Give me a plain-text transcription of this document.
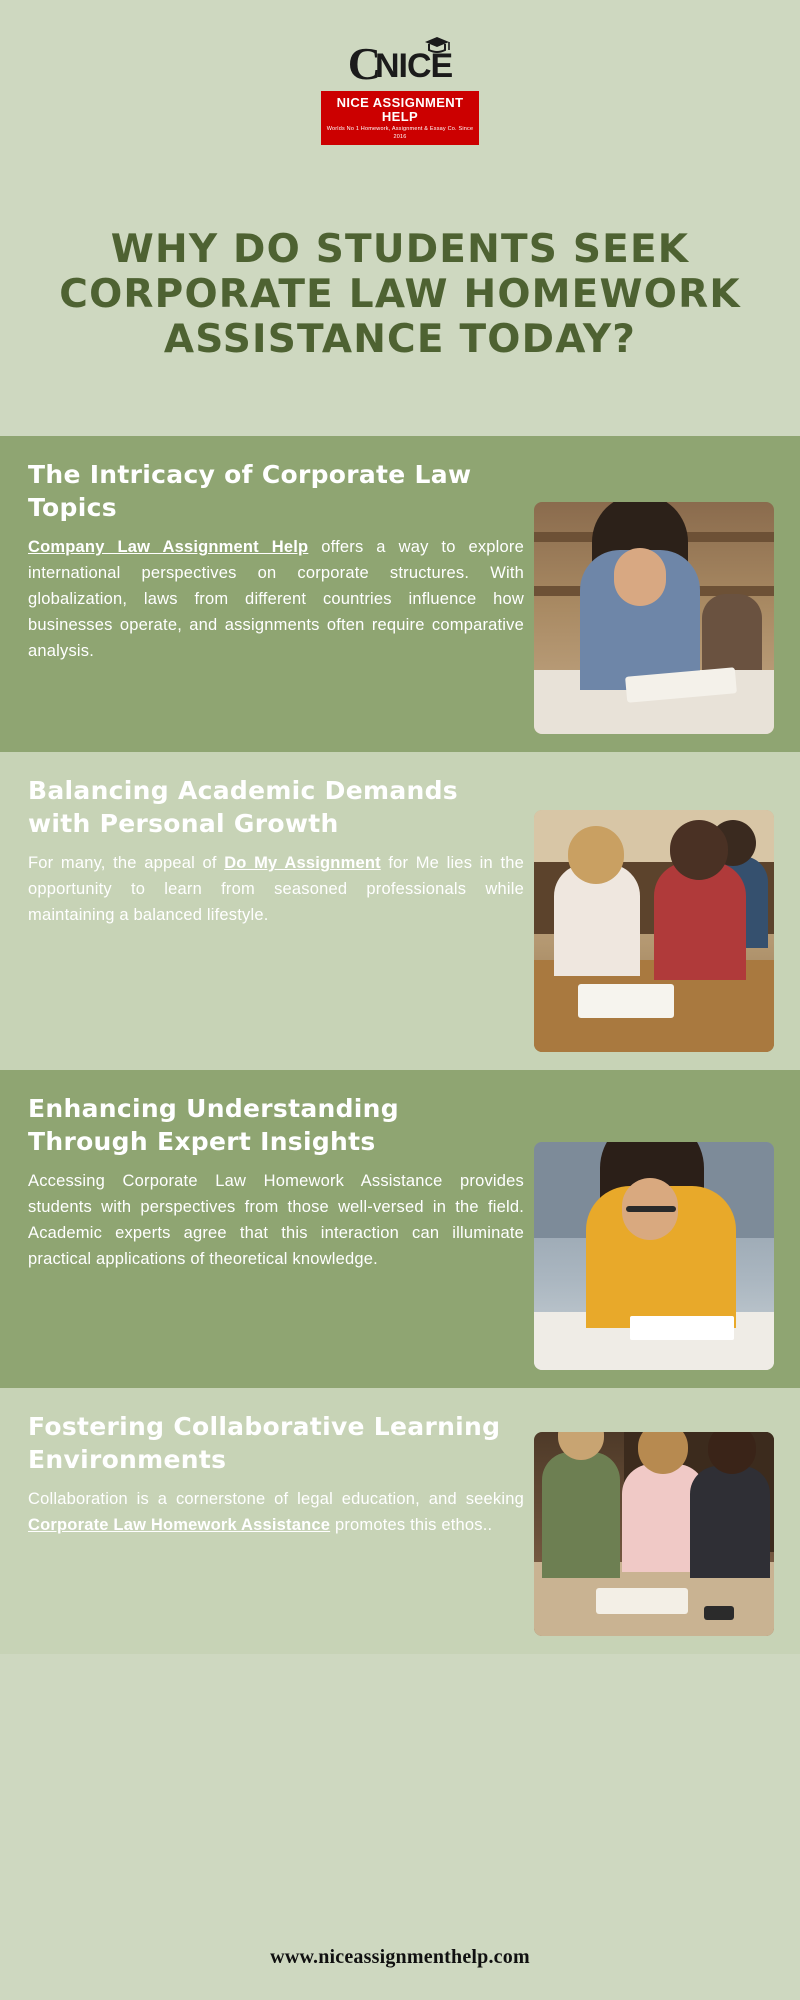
C
NICE
NICE ASSIGNMENT HELP
Worlds No 1 Homework, Assignment & Essay Co. Since 2016
WHY DO STUDENTS SEEK CORPORATE LAW HOMEWORK ASSISTANCE TODAY?
The Intricacy of Corporate Law Topics

Company Law Assignment Help offers a way to explore international perspectives on corporate structures. With globalization, laws from different countries influence how businesses operate, and assignments often require comparative analysis.

Balancing Academic Demands with Personal Growth

For many, the appeal of Do My Assignment for Me lies in the opportunity to learn from seasoned professionals while maintaining a balanced lifestyle.

Enhancing Understanding Through Expert Insights

Accessing Corporate Law Homework Assistance provides students with perspectives from those well-versed in the field. Academic experts agree that this interaction can illuminate practical applications of theoretical knowledge.

Fostering Collaborative Learning Environments

Collaboration is a cornerstone of legal education, and seeking Corporate Law Homework Assistance promotes this ethos..

www.niceassignmenthelp.com
